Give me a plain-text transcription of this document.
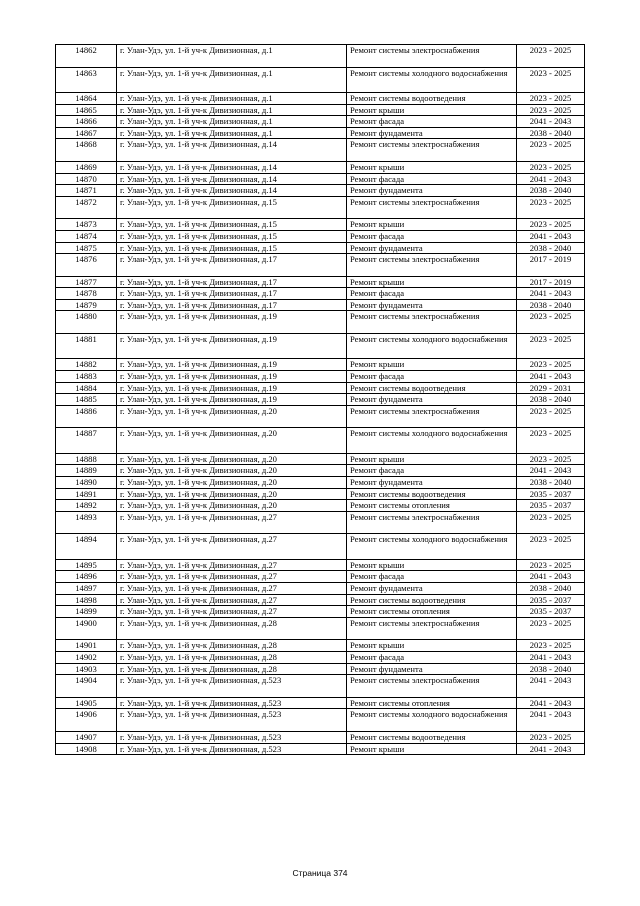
14862	г. Улан-Удэ, ул. 1-й уч-к Дивизионная, д.1	Ремонт системы электроснабжения	2023 - 2025
14863	г. Улан-Удэ, ул. 1-й уч-к Дивизионная, д.1	Ремонт системы холодного водоснабжения	2023 - 2025
14864	г. Улан-Удэ, ул. 1-й уч-к Дивизионная, д.1	Ремонт системы водоотведения	2023 - 2025
14865	г. Улан-Удэ, ул. 1-й уч-к Дивизионная, д.1	Ремонт крыши	2023 - 2025
14866	г. Улан-Удэ, ул. 1-й уч-к Дивизионная, д.1	Ремонт фасада	2041 - 2043
14867	г. Улан-Удэ, ул. 1-й уч-к Дивизионная, д.1	Ремонт фундамента	2038 - 2040
14868	г. Улан-Удэ, ул. 1-й уч-к Дивизионная, д.14	Ремонт системы электроснабжения	2023 - 2025
14869	г. Улан-Удэ, ул. 1-й уч-к Дивизионная, д.14	Ремонт крыши	2023 - 2025
14870	г. Улан-Удэ, ул. 1-й уч-к Дивизионная, д.14	Ремонт фасада	2041 - 2043
14871	г. Улан-Удэ, ул. 1-й уч-к Дивизионная, д.14	Ремонт фундамента	2038 - 2040
14872	г. Улан-Удэ, ул. 1-й уч-к Дивизионная, д.15	Ремонт системы электроснабжения	2023 - 2025
14873	г. Улан-Удэ, ул. 1-й уч-к Дивизионная, д.15	Ремонт крыши	2023 - 2025
14874	г. Улан-Удэ, ул. 1-й уч-к Дивизионная, д.15	Ремонт фасада	2041 - 2043
14875	г. Улан-Удэ, ул. 1-й уч-к Дивизионная, д.15	Ремонт фундамента	2038 - 2040
14876	г. Улан-Удэ, ул. 1-й уч-к Дивизионная, д.17	Ремонт системы электроснабжения	2017 - 2019
14877	г. Улан-Удэ, ул. 1-й уч-к Дивизионная, д.17	Ремонт крыши	2017 - 2019
14878	г. Улан-Удэ, ул. 1-й уч-к Дивизионная, д.17	Ремонт фасада	2041 - 2043
14879	г. Улан-Удэ, ул. 1-й уч-к Дивизионная, д.17	Ремонт фундамента	2038 - 2040
14880	г. Улан-Удэ, ул. 1-й уч-к Дивизионная, д.19	Ремонт системы электроснабжения	2023 - 2025
14881	г. Улан-Удэ, ул. 1-й уч-к Дивизионная, д.19	Ремонт системы холодного водоснабжения	2023 - 2025
14882	г. Улан-Удэ, ул. 1-й уч-к Дивизионная, д.19	Ремонт крыши	2023 - 2025
14883	г. Улан-Удэ, ул. 1-й уч-к Дивизионная, д.19	Ремонт фасада	2041 - 2043
14884	г. Улан-Удэ, ул. 1-й уч-к Дивизионная, д.19	Ремонт системы водоотведения	2029 - 2031
14885	г. Улан-Удэ, ул. 1-й уч-к Дивизионная, д.19	Ремонт фундамента	2038 - 2040
14886	г. Улан-Удэ, ул. 1-й уч-к Дивизионная, д.20	Ремонт системы электроснабжения	2023 - 2025
14887	г. Улан-Удэ, ул. 1-й уч-к Дивизионная, д.20	Ремонт системы холодного водоснабжения	2023 - 2025
14888	г. Улан-Удэ, ул. 1-й уч-к Дивизионная, д.20	Ремонт крыши	2023 - 2025
14889	г. Улан-Удэ, ул. 1-й уч-к Дивизионная, д.20	Ремонт фасада	2041 - 2043
14890	г. Улан-Удэ, ул. 1-й уч-к Дивизионная, д.20	Ремонт фундамента	2038 - 2040
14891	г. Улан-Удэ, ул. 1-й уч-к Дивизионная, д.20	Ремонт системы водоотведения	2035 - 2037
14892	г. Улан-Удэ, ул. 1-й уч-к Дивизионная, д.20	Ремонт системы отопления	2035 - 2037
14893	г. Улан-Удэ, ул. 1-й уч-к Дивизионная, д.27	Ремонт системы электроснабжения	2023 - 2025
14894	г. Улан-Удэ, ул. 1-й уч-к Дивизионная, д.27	Ремонт системы холодного водоснабжения	2023 - 2025
14895	г. Улан-Удэ, ул. 1-й уч-к Дивизионная, д.27	Ремонт крыши	2023 - 2025
14896	г. Улан-Удэ, ул. 1-й уч-к Дивизионная, д.27	Ремонт фасада	2041 - 2043
14897	г. Улан-Удэ, ул. 1-й уч-к Дивизионная, д.27	Ремонт фундамента	2038 - 2040
14898	г. Улан-Удэ, ул. 1-й уч-к Дивизионная, д.27	Ремонт системы водоотведения	2035 - 2037
14899	г. Улан-Удэ, ул. 1-й уч-к Дивизионная, д.27	Ремонт системы отопления	2035 - 2037
14900	г. Улан-Удэ, ул. 1-й уч-к Дивизионная, д.28	Ремонт системы электроснабжения	2023 - 2025
14901	г. Улан-Удэ, ул. 1-й уч-к Дивизионная, д.28	Ремонт крыши	2023 - 2025
14902	г. Улан-Удэ, ул. 1-й уч-к Дивизионная, д.28	Ремонт фасада	2041 - 2043
14903	г. Улан-Удэ, ул. 1-й уч-к Дивизионная, д.28	Ремонт фундамента	2038 - 2040
14904	г. Улан-Удэ, ул. 1-й уч-к Дивизионная, д.523	Ремонт системы электроснабжения	2041 - 2043
14905	г. Улан-Удэ, ул. 1-й уч-к Дивизионная, д.523	Ремонт системы отопления	2041 - 2043
14906	г. Улан-Удэ, ул. 1-й уч-к Дивизионная, д.523	Ремонт системы холодного водоснабжения	2041 - 2043
14907	г. Улан-Удэ, ул. 1-й уч-к Дивизионная, д.523	Ремонт системы водоотведения	2023 - 2025
14908	г. Улан-Удэ, ул. 1-й уч-к Дивизионная, д.523	Ремонт крыши	2041 - 2043
Страница 374
